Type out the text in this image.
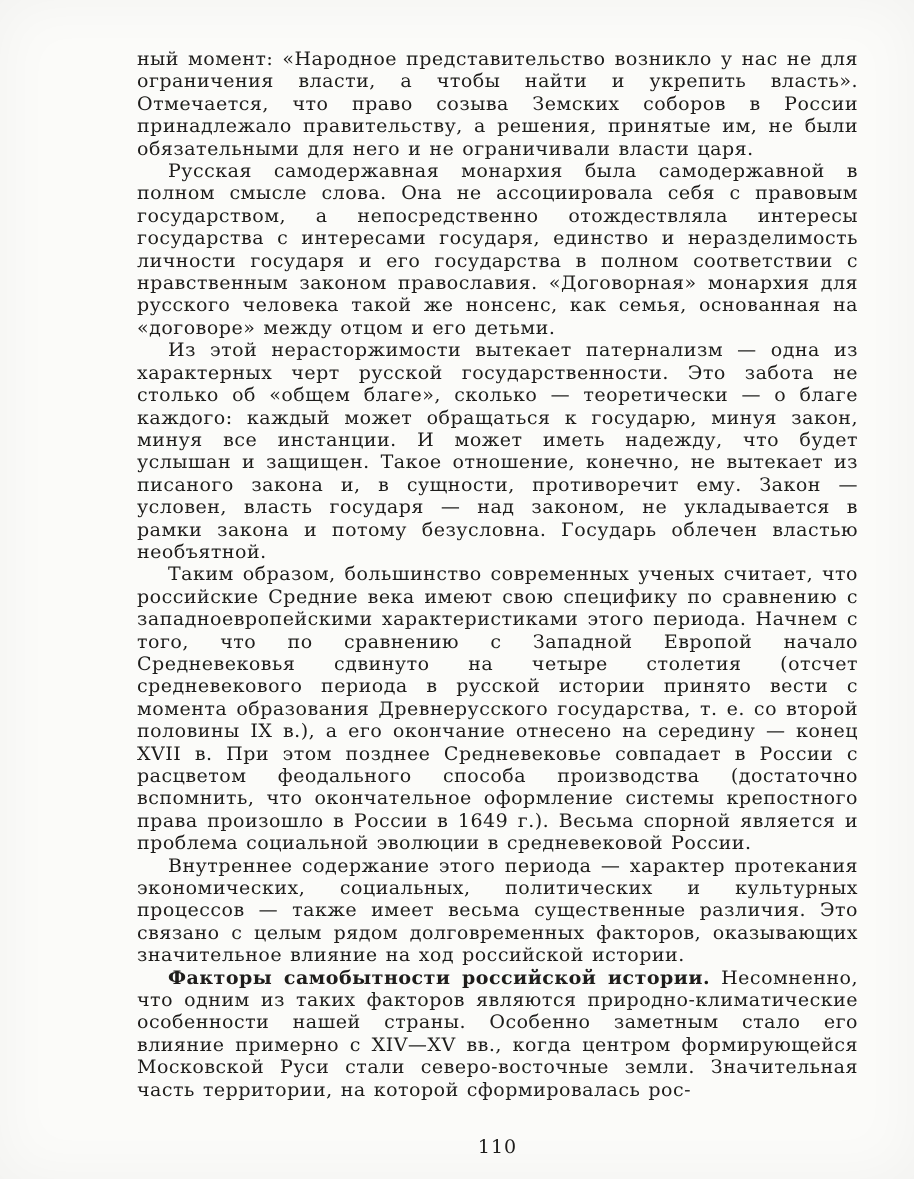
ный момент: «Народное представительство возникло у нас не для ограничения власти, а чтобы найти и укрепить власть». Отмечается, что право созыва Земских соборов в России принадлежало правительству, а решения, принятые им, не были обязательными для него и не ограничивали власти царя.

Русская самодержавная монархия была самодержавной в полном смысле слова. Она не ассоциировала себя с правовым государством, а непосредственно отождествляла интересы государства с интересами государя, единство и неразделимость личности государя и его государства в полном соответствии с нравственным законом православия. «Договорная» монархия для русского человека такой же нонсенс, как семья, основанная на «договоре» между отцом и его детьми.

Из этой нерасторжимости вытекает патернализм — одна из характерных черт русской государственности. Это забота не столько об «общем благе», сколько — теоретически — о благе каждого: каждый может обращаться к государю, минуя закон, минуя все инстанции. И может иметь надежду, что будет услышан и защищен. Такое отношение, конечно, не вытекает из писаного закона и, в сущности, противоречит ему. Закон — условен, власть государя — над законом, не укладывается в рамки закона и потому безусловна. Государь облечен властью необъятной.

Таким образом, большинство современных ученых считает, что российские Средние века имеют свою специфику по сравнению с западноевропейскими характеристиками этого периода. Начнем с того, что по сравнению с Западной Европой начало Средневековья сдвинуто на четыре столетия (отсчет средневекового периода в русской истории принято вести с момента образования Древнерусского государства, т. е. со второй половины IX в.), а его окончание отнесено на середину — конец XVII в. При этом позднее Средневековье совпадает в России с расцветом феодального способа производства (достаточно вспомнить, что окончательное оформление системы крепостного права произошло в России в 1649 г.). Весьма спорной является и проблема социальной эволюции в средневековой России.

Внутреннее содержание этого периода — характер протекания экономических, социальных, политических и культурных процессов — также имеет весьма существенные различия. Это связано с целым рядом долговременных факторов, оказывающих значительное влияние на ход российской истории.

Факторы самобытности российской истории. Несомненно, что одним из таких факторов являются природно-климатические особенности нашей страны. Особенно заметным стало его влияние примерно с XIV—XV вв., когда центром формирующейся Московской Руси стали северо-восточные земли. Значительная часть территории, на которой сформировалась рос-

110
